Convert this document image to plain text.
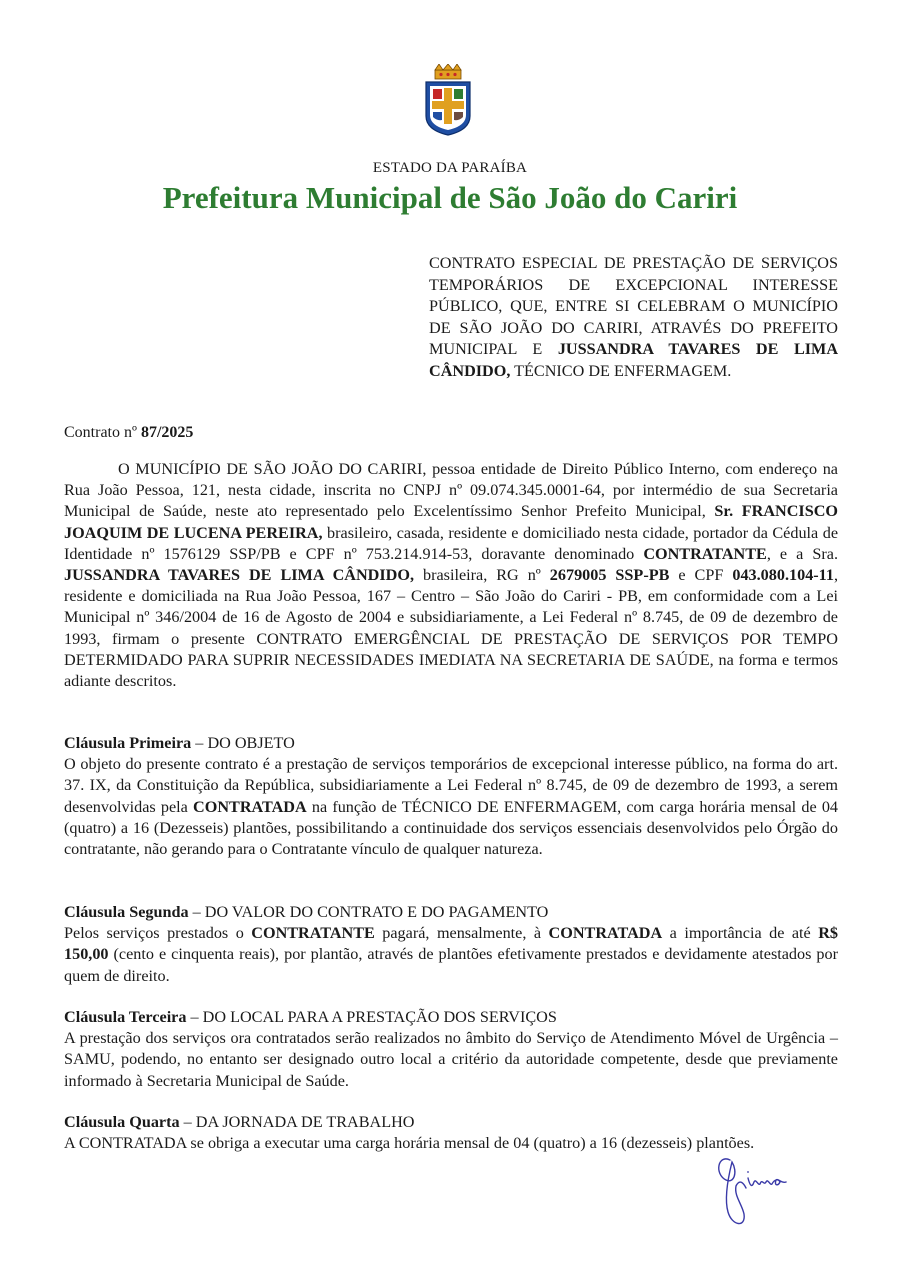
ESTADO DA PARAÍBA
Prefeitura Municipal de São João do Cariri
CONTRATO ESPECIAL DE PRESTAÇÃO DE SERVIÇOS TEMPORÁRIOS DE EXCEPCIONAL INTERESSE PÚBLICO, QUE, ENTRE SI CELEBRAM O MUNICÍPIO DE SÃO JOÃO DO CARIRI, ATRAVÉS DO PREFEITO MUNICIPAL E JUSSANDRA TAVARES DE LIMA CÂNDIDO, TÉCNICO DE ENFERMAGEM.
Contrato nº 87/2025
O MUNICÍPIO DE SÃO JOÃO DO CARIRI, pessoa entidade de Direito Público Interno, com endereço na Rua João Pessoa, 121, nesta cidade, inscrita no CNPJ nº 09.074.345.0001-64, por intermédio de sua Secretaria Municipal de Saúde, neste ato representado pelo Excelentíssimo Senhor Prefeito Municipal, Sr. FRANCISCO JOAQUIM DE LUCENA PEREIRA, brasileiro, casada, residente e domiciliado nesta cidade, portador da Cédula de Identidade nº 1576129 SSP/PB e CPF nº 753.214.914-53, doravante denominado CONTRATANTE, e a Sra. JUSSANDRA TAVARES DE LIMA CÂNDIDO, brasileira, RG nº 2679005 SSP-PB e CPF 043.080.104-11, residente e domiciliada na Rua João Pessoa, 167 – Centro – São João do Cariri - PB, em conformidade com a Lei Municipal nº 346/2004 de 16 de Agosto de 2004 e subsidiariamente, a Lei Federal nº 8.745, de 09 de dezembro de 1993, firmam o presente CONTRATO EMERGÊNCIAL DE PRESTAÇÃO DE SERVIÇOS POR TEMPO DETERMIDADO PARA SUPRIR NECESSIDADES IMEDIATA NA SECRETARIA DE SAÚDE, na forma e termos adiante descritos.
Cláusula Primeira – DO OBJETO
O objeto do presente contrato é a prestação de serviços temporários de excepcional interesse público, na forma do art. 37. IX, da Constituição da República, subsidiariamente a Lei Federal nº 8.745, de 09 de dezembro de 1993, a serem desenvolvidas pela CONTRATADA na função de TÉCNICO DE ENFERMAGEM, com carga horária mensal de 04 (quatro) a 16 (Dezesseis) plantões, possibilitando a continuidade dos serviços essenciais desenvolvidos pelo Órgão do contratante, não gerando para o Contratante vínculo de qualquer natureza.
Cláusula Segunda – DO VALOR DO CONTRATO E DO PAGAMENTO
Pelos serviços prestados o CONTRATANTE pagará, mensalmente, à CONTRATADA a importância de até R$ 150,00 (cento e cinquenta reais), por plantão, através de plantões efetivamente prestados e devidamente atestados por quem de direito.
Cláusula Terceira – DO LOCAL PARA A PRESTAÇÃO DOS SERVIÇOS
A prestação dos serviços ora contratados serão realizados no âmbito do Serviço de Atendimento Móvel de Urgência – SAMU, podendo, no entanto ser designado outro local a critério da autoridade competente, desde que previamente informado à Secretaria Municipal de Saúde.
Cláusula Quarta – DA JORNADA DE TRABALHO
A CONTRATADA se obriga a executar uma carga horária mensal de 04 (quatro) a 16 (dezesseis) plantões.
